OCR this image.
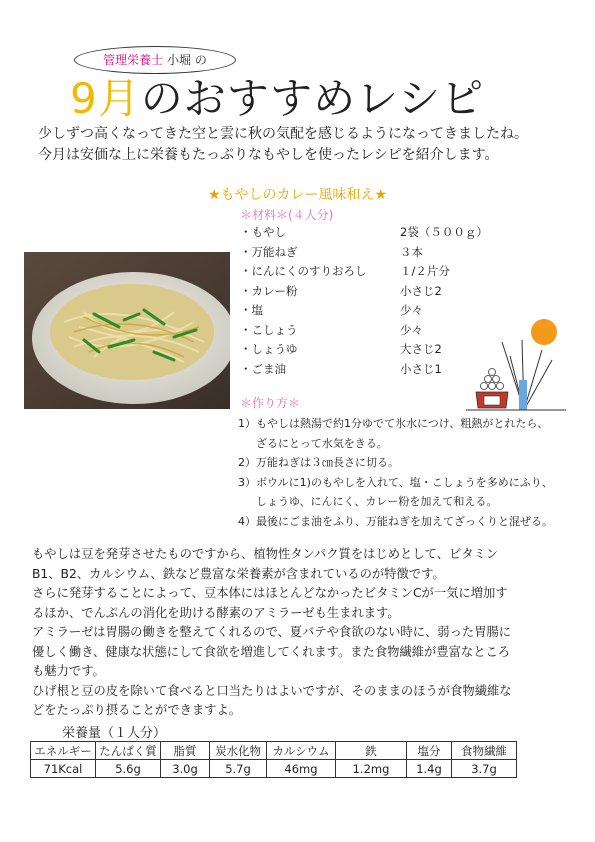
管理栄養士 小堀 の
9月のおすすめレシピ
少しずつ高くなってきた空と雲に秋の気配を感じるようになってきましたね。
今月は安価な上に栄養もたっぷりなもやしを使ったレシピを紹介します。
★もやしのカレー風味和え★
＊材料＊(４人分)
・もやし	2袋（５００ｇ）
・万能ねぎ	３本
・にんにくのすりおろし	１/２片分
・カレー粉	小さじ2
・塩	少々
・こしょう	少々
・しょうゆ	大さじ2
・ごま油	小さじ1
＊作り方＊
1）もやしは熱湯で約1分ゆでて氷水につけ、粗熱がとれたら、
ざるにとって水気をきる。
2）万能ねぎは３㎝長さに切る。
3）ボウルに1)のもやしを入れて、塩・こしょうを多めにふり、
しょうゆ、にんにく、カレー粉を加えて和える。
4）最後にごま油をふり、万能ねぎを加えてざっくりと混ぜる。
もやしは豆を発芽させたものですから、植物性タンパク質をはじめとして、ビタミン
B1、B2、カルシウム、鉄など豊富な栄養素が含まれているのが特徴です。
さらに発芽することによって、豆本体にはほとんどなかったビタミンCが一気に増加す
るほか、でんぷんの消化を助ける酵素のアミラーゼも生まれます。
アミラーゼは胃腸の働きを整えてくれるので、夏バテや食欲のない時に、弱った胃腸に
優しく働き、健康な状態にして食欲を増進してくれます。また食物繊維が豊富なところ
も魅力です。
ひげ根と豆の皮を除いて食べると口当たりはよいですが、そのままのほうが食物繊維な
どをたっぷり摂ることができますよ。
栄養量（１人分）
エネルギー	たんぱく質	脂質	炭水化物	カルシウム	鉄	塩分	食物繊維
71Kcal	5.6g	3.0g	5.7g	46mg	1.2mg	1.4g	3.7g
